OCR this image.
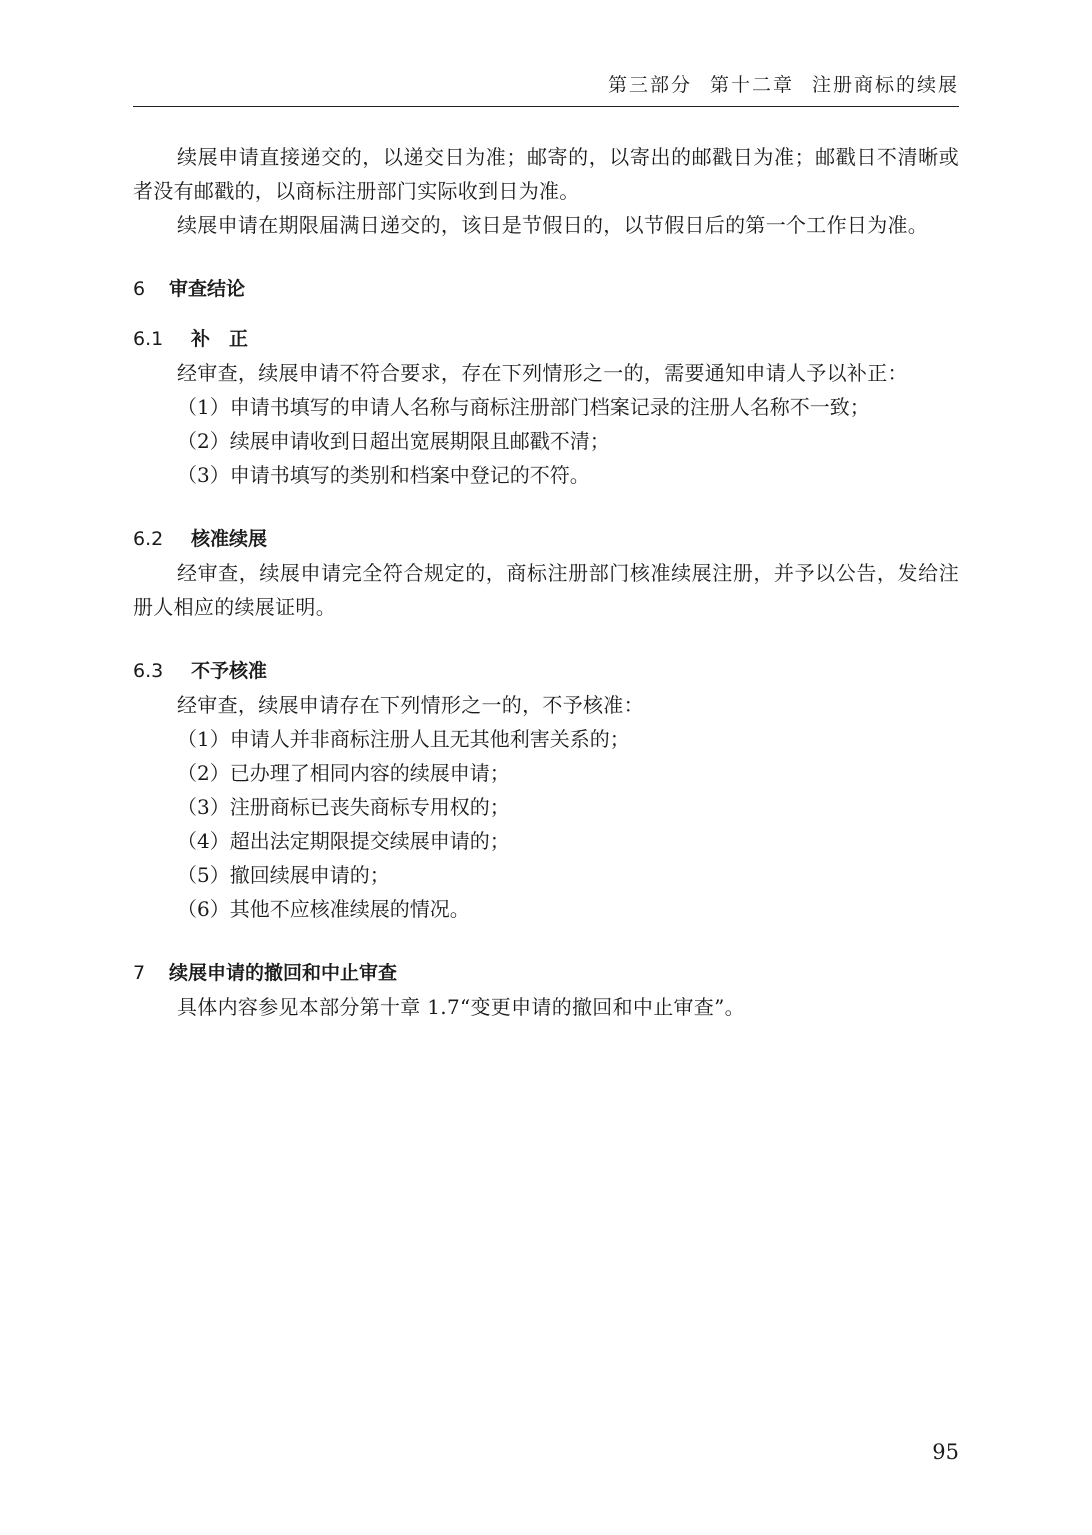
第三部分 第十二章 注册商标的续展

续展申请直接递交的，以递交日为准；邮寄的，以寄出的邮戳日为准；邮戳日不清晰或者没有邮戳的，以商标注册部门实际收到日为准。

续展申请在期限届满日递交的，该日是节假日的，以节假日后的第一个工作日为准。

6 审查结论
6.1 补　正

经审查，续展申请不符合要求，存在下列情形之一的，需要通知申请人予以补正：

（1）申请书填写的申请人名称与商标注册部门档案记录的注册人名称不一致；

（2）续展申请收到日超出宽展期限且邮戳不清；

（3）申请书填写的类别和档案中登记的不符。

6.2 核准续展

经审查，续展申请完全符合规定的，商标注册部门核准续展注册，并予以公告，发给注册人相应的续展证明。

6.3 不予核准

经审查，续展申请存在下列情形之一的，不予核准：

（1）申请人并非商标注册人且无其他利害关系的；

（2）已办理了相同内容的续展申请；

（3）注册商标已丧失商标专用权的；

（4）超出法定期限提交续展申请的；

（5）撤回续展申请的；

（6）其他不应核准续展的情况。

7 续展申请的撤回和中止审查

具体内容参见本部分第十章 1.7“变更申请的撤回和中止审查”。

95
